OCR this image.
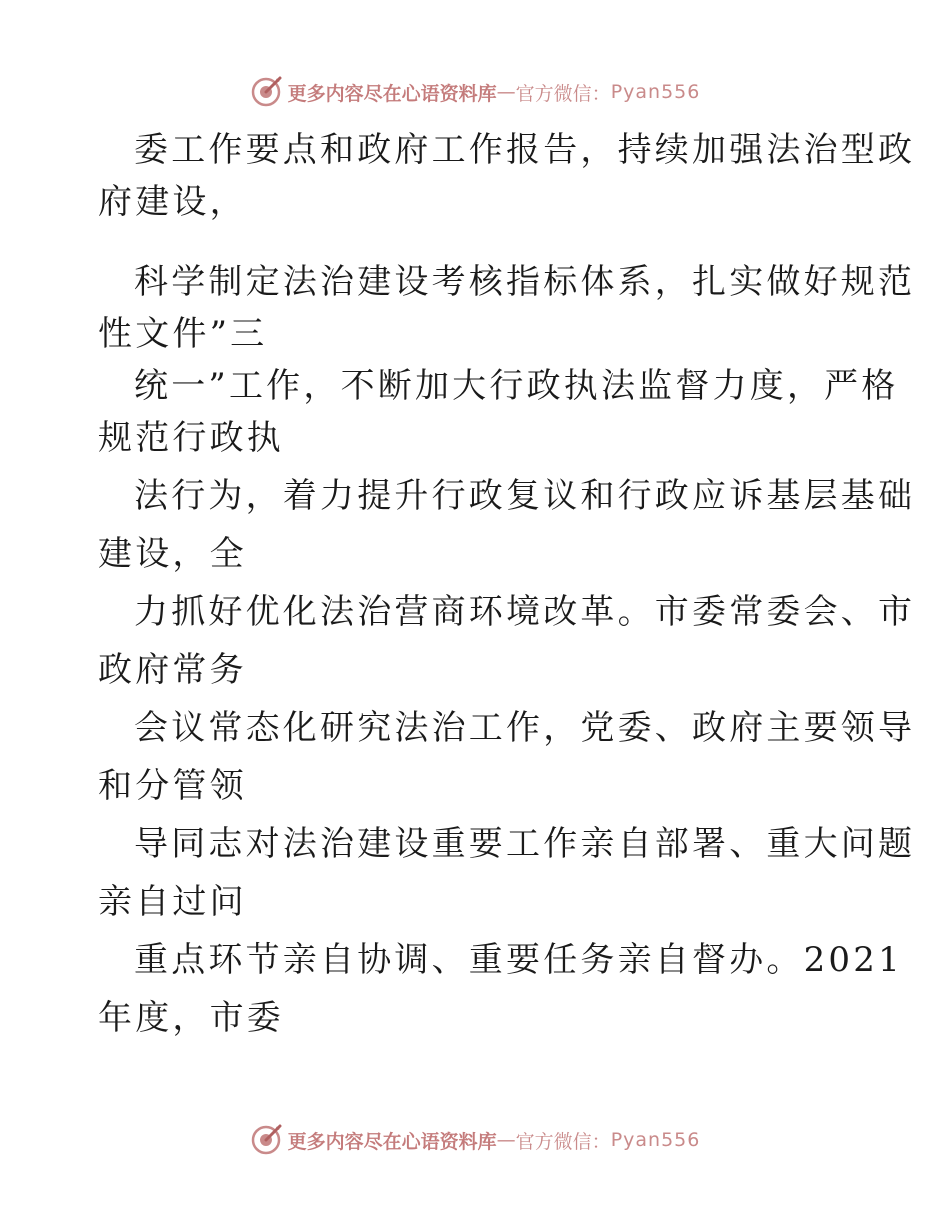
更多内容尽在心语资料库 — 官方微信： Pyan556
委工作要点和政府工作报告，持续加强法治型政
府建设，
科学制定法治建设考核指标体系，扎实做好规范
性文件”三
统一”工作，不断加大行政执法监督力度，严格
规范行政执
法行为，着力提升行政复议和行政应诉基层基础
建设，全
力抓好优化法治营商环境改革。市委常委会、市
政府常务
会议常态化研究法治工作，党委、政府主要领导
和分管领
导同志对法治建设重要工作亲自部署、重大问题
亲自过问
重点环节亲自协调、重要任务亲自督办。2021
年度，市委
更多内容尽在心语资料库 — 官方微信： Pyan556
